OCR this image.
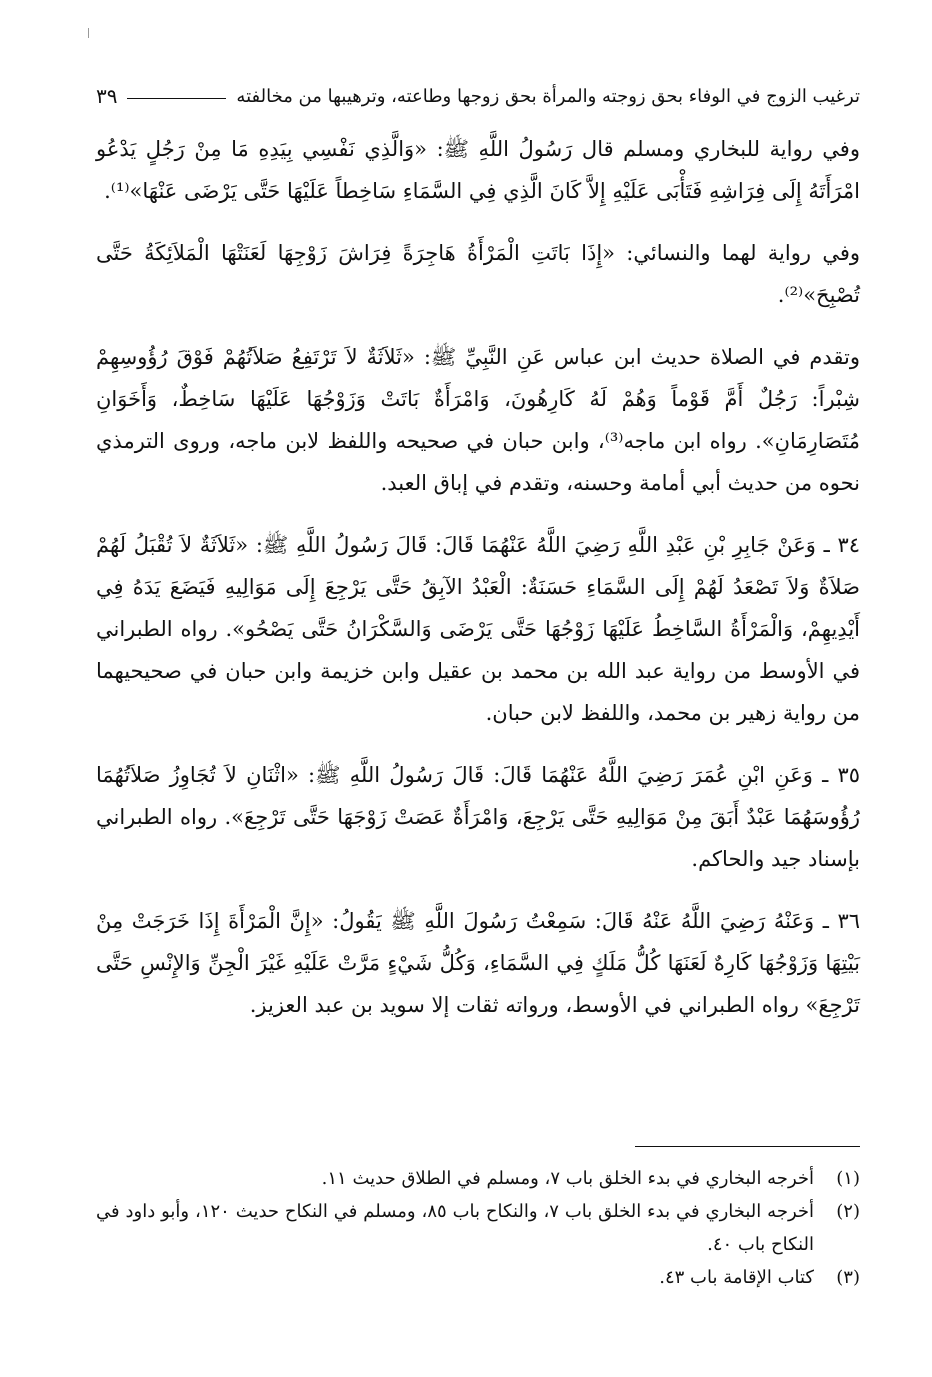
ترغيب الزوج في الوفاء بحق زوجته والمرأة بحق زوجها وطاعته، وترهيبها من مخالفته
٣٩

وفي رواية للبخاري ومسلم قال رَسُولُ اللَّهِ ﷺ: «وَالَّذِي نَفْسِي بِيَدِهِ مَا مِنْ رَجُلٍ يَدْعُو امْرَأَتَهُ إِلَى فِرَاشِهِ فَتَأْبَى عَلَيْهِ إِلاَّ كَانَ الَّذِي فِي السَّمَاءِ سَاخِطاً عَلَيْهَا حَتَّى يَرْضَى عَنْهَا»⁽¹⁾.

وفي رواية لهما والنسائي: «إِذَا بَاتَتِ الْمَرْأَةُ هَاجِرَةً فِرَاشَ زَوْجِهَا لَعَنَتْهَا الْمَلاَئِكَةُ حَتَّى تُصْبِحَ»⁽²⁾.

وتقدم في الصلاة حديث ابن عباس عَنِ النَّبِيِّ ﷺ: «ثَلاَثَةٌ لاَ تَرْتَفِعُ صَلاَتُهُمْ فَوْقَ رُؤُوسِهِمْ شِبْراً: رَجُلٌ أَمَّ قَوْماً وَهُمْ لَهُ كَارِهُونَ، وَامْرَأَةٌ بَاتَتْ وَزَوْجُهَا عَلَيْهَا سَاخِطٌ، وَأَخَوَانِ مُتَصَارِمَانِ». رواه ابن ماجه⁽³⁾، وابن حبان في صحيحه واللفظ لابن ماجه، وروى الترمذي نحوه من حديث أبي أمامة وحسنه، وتقدم في إباق العبد.

٣٤ ـ وَعَنْ جَابِرِ بْنِ عَبْدِ اللَّهِ رَضِيَ اللَّهُ عَنْهُمَا قَالَ: قَالَ رَسُولُ اللَّهِ ﷺ: «ثَلاَثَةٌ لاَ تُقْبَلُ لَهُمْ صَلاَةٌ وَلاَ تَصْعَدُ لَهُمْ إِلَى السَّمَاءِ حَسَنَةٌ: الْعَبْدُ الآبِقُ حَتَّى يَرْجِعَ إِلَى مَوَالِيهِ فَيَضَعَ يَدَهُ فِي أَيْدِيهِمْ، وَالْمَرْأَةُ السَّاخِطُ عَلَيْهَا زَوْجُهَا حَتَّى يَرْضَى وَالسَّكْرَانُ حَتَّى يَصْحُو». رواه الطبراني في الأوسط من رواية عبد الله بن محمد بن عقيل وابن خزيمة وابن حبان في صحيحيهما من رواية زهير بن محمد، واللفظ لابن حبان.

٣٥ ـ وَعَنِ ابْنِ عُمَرَ رَضِيَ اللَّهُ عَنْهُمَا قَالَ: قَالَ رَسُولُ اللَّهِ ﷺ: «اثْنَانِ لاَ تُجَاوِزُ صَلاَتُهُمَا رُؤُوسَهُمَا عَبْدٌ أَبَقَ مِنْ مَوَالِيهِ حَتَّى يَرْجِعَ، وَامْرَأَةٌ عَصَتْ زَوْجَهَا حَتَّى تَرْجِعَ». رواه الطبراني بإسناد جيد والحاكم.

٣٦ ـ وَعَنْهُ رَضِيَ اللَّهُ عَنْهُ قَالَ: سَمِعْتُ رَسُولَ اللَّهِ ﷺ يَقُولُ: «إِنَّ الْمَرْأَةَ إِذَا خَرَجَتْ مِنْ بَيْتِهَا وَزَوْجُهَا كَارِهٌ لَعَنَهَا كُلُّ مَلَكٍ فِي السَّمَاءِ، وَكُلُّ شَيْءٍ مَرَّتْ عَلَيْهِ غَيْرَ الْجِنِّ وَالإِنْسِ حَتَّى تَرْجِعَ» رواه الطبراني في الأوسط، ورواته ثقات إلا سويد بن عبد العزيز.

(١)
أخرجه البخاري في بدء الخلق باب ٧، ومسلم في الطلاق حديث ١١.
(٢)
أخرجه البخاري في بدء الخلق باب ٧، والنكاح باب ٨٥، ومسلم في النكاح حديث ١٢٠، وأبو داود في النكاح باب ٤٠.
(٣)
كتاب الإقامة باب ٤٣.
